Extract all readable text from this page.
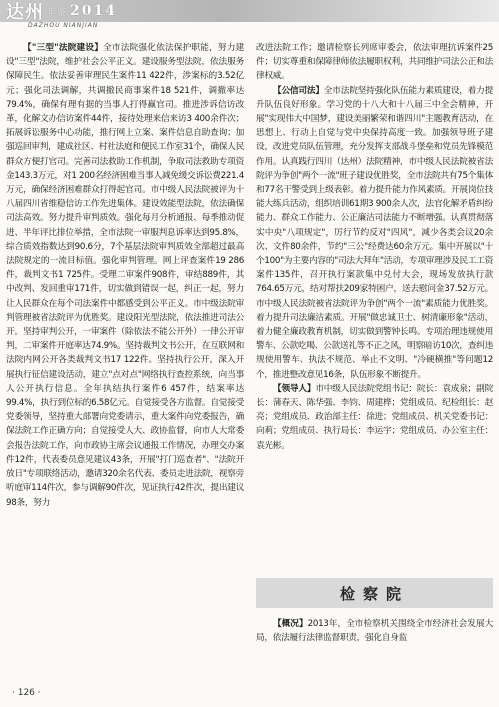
达州 年鉴 2014
DAZHOU NIANJIAN

【"三型"法院建设】全市法院强化依法保护职能，努力建设"三型"法院，维护社会公平正义。建设服务型法院，依法服务保障民生。依法妥善审理民生案件11 422件，涉案标的3.52亿元；强化司法调解，共调撤民商事案件18 521件，调撤率达79.4%，确保有理有据的当事人打得赢官司。推进涉诉信访改革，化解文办信访案件44件，接待处理来信来访3 400余件次；拓展诉讼服务中心功能，推行网上立案、案件信息自助查询；加强巡回审判，建成社区、村社法庭和便民工作室31个，确保人民群众方便打官司。完善司法救助工作机制，争取司法救助专项资金143.3万元，对1 200名经济困难当事人减免缓交诉讼费221.4万元，确保经济困难群众打得起官司。市中级人民法院被评为十八届四川省维稳信访工作先进集体。建设效能型法院，依法确保司法高效。努力提升审判质效。强化每月分析通报、每季推动促进、半年评比排位举措，全市法院一审服判息诉率达到95.8%，综合质效指数达到90.6分，7个基层法院审判质效全部超过最高法院规定的一流目标值。强化审判管理。网上评查案件19 286件，裁判文书1 725件。受理二审案件908件，审结889件，其中改判、发回重审171件，切实做到错误一起，纠正一起，努力让人民群众在每个司法案件中都感受到公平正义。市中级法院审判管理被省法院评为优胜奖。建设阳光型法院，依法推进司法公开。坚持审判公开，一审案件（除依法不能公开外）一律公开审判，二审案件开庭率达74.9%。坚持裁判文书公开，在互联网和法院内网公开各类裁判文书17 122件。坚持执行公开，深入开展执行征信建设活动，建立"点对点"网络执行查控系统，向当事人公开执行信息。全年执结执行案件6 457件，结案率达99.4%，执行到位标的6.58亿元。自觉接受各方监督。自觉接受党委领导，坚持重大部署向党委请示，重大案件向党委报告，确保法院工作正确方向；自觉接受人大、政协监督，向市人大常委会报告法院工作，向市政协主席会议通报工作情况，办理交办案件12件，代表委员意见建议43条，开展"打门巡查者"、"法院开放日"专项联络活动，邀请320余名代表、委员走进法院，视察旁听庭审114件次，参与调解90件次，见证执行42件次，提出建议98条，努力

改进法院工作；邀请检察长列席审委会，依法审理抗诉案件25件；切实尊重和保障律师依法履职权利，共同维护司法公正和法律权威。

【公信司法】全市法院坚持强化队伍能力素质建设，着力提升队伍良好形象。学习党的十八大和十八届三中全会精神，开展"实现伟大中国梦，建设美丽繁荣和谐四川"主题教育活动，在思想上、行动上自觉与党中央保持高度一致。加强领导班子建设，改进党员队伍管理，充分发挥支部战斗堡垒和党员先锋模范作用。认真践行四川（达州）法院精神，市中级人民法院被省法院评为争创"两个一流"班子建设优胜奖，全市法院共有75个集体和77名干警受到上级表彰。着力提升能力作风素质。开展岗位技能大练兵活动，组织培训61期3 900余人次，法官化解矛盾纠纷能力、群众工作能力、公正廉洁司法能力不断增强。认真贯彻落实中央"八项规定"，厉行节约反对"四风"，减少各类会议20余次、文件80余件，节约"三公"经费达60余万元。集中开展以"十个100"为主要内容的"司法大拜年"活动，专项审理涉及民工工资案件135件，召开执行案款集中兑付大会，现场发放执行款764.65万元，结对帮扶209家特困户，送去慰问金37.52万元。市中级人民法院被省法院评为争创"两个一流"素质能力优胜奖。着力提升司法廉洁素质。开展"做忠诚卫士、树清廉形象"活动，着力健全廉政教育机制，切实做到警钟长鸣。专项治理违规使用警车、公款吃喝、公款送礼等不正之风，明察暗访10次，查纠违规使用警车、执法不规范、举止不文明、"冷硬横推"等问题12个，推进整改意见16条，队伍形象不断提升。

【领导人】市中级人民法院党组书记：院长：袁成泉；副院长：蒲春天、陈华强、李钧、周建桦；党组成员、纪检组长：赵亮；党组成员、政治部主任：徐进；党组成员、机关党委书记：向莉；党组成员、执行局长：李运宇；党组成员、办公室主任：袁光彬。

检察院

【概况】2013年，全市检察机关围绕全市经济社会发展大局，依法履行法律监督职责，强化自身监

· 126 ·
